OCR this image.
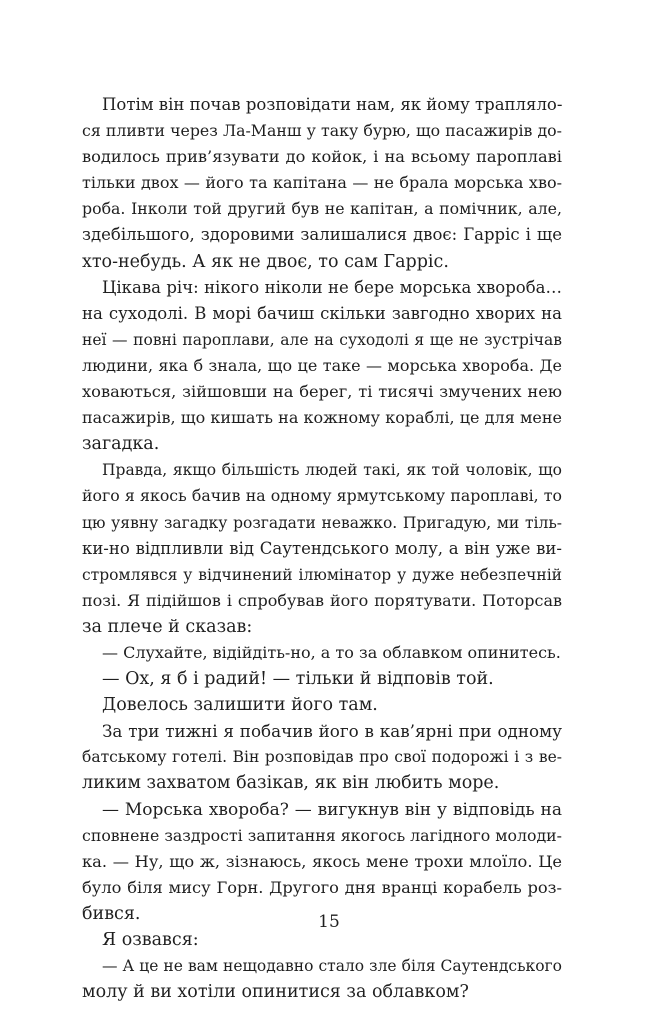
Потім він почав розповідати нам, як йому трапляло-
ся пливти через Ла-Манш у таку бурю, що пасажирів до-
водилось прив’язувати до койок, і на всьому пароплаві
тільки двох — його та капітана — не брала морська хво-
роба. Інколи той другий був не капітан, а помічник, але,
здебільшого, здоровими залишалися двоє: Гарріс і ще
хто-небудь. А як не двоє, то сам Гарріс.
Цікава річ: нікого ніколи не бере морська хвороба…
на суходолі. В морі бачиш скільки завгодно хворих на
неї — повні пароплави, але на суходолі я ще не зустрічав
людини, яка б знала, що це таке — морська хвороба. Де
ховаються, зійшовши на берег, ті тисячі змучених нею
пасажирів, що кишать на кожному кораблі, це для мене
загадка.
Правда, якщо більшість людей такі, як той чоловік, що
його я якось бачив на одному ярмутському пароплаві, то
цю уявну загадку розгадати неважко. Пригадую, ми тіль-
ки-но відпливли від Саутендського молу, а він уже ви-
стромлявся у відчинений ілюмінатор у дуже небезпечній
позі. Я підійшов і спробував його порятувати. Поторсав
за плече й сказав:
— Слухайте, відійдіть-но, а то за облавком опинитесь.
— Ох, я б і радий! — тільки й відповів той.
Довелось залишити його там.
За три тижні я побачив його в кав’ярні при одному
батському готелі. Він розповідав про свої подорожі і з ве-
ликим захватом базікав, як він любить море.
— Морська хвороба? — вигукнув він у відповідь на
сповнене заздрості запитання якогось лагідного молоди-
ка. — Ну, що ж, зізнаюсь, якось мене трохи млоїло. Це
було біля мису Горн. Другого дня вранці корабель роз-
бився.
Я озвався:
— А це не вам нещодавно стало зле біля Саутендського
молу й ви хотіли опинитися за облавком?
15
